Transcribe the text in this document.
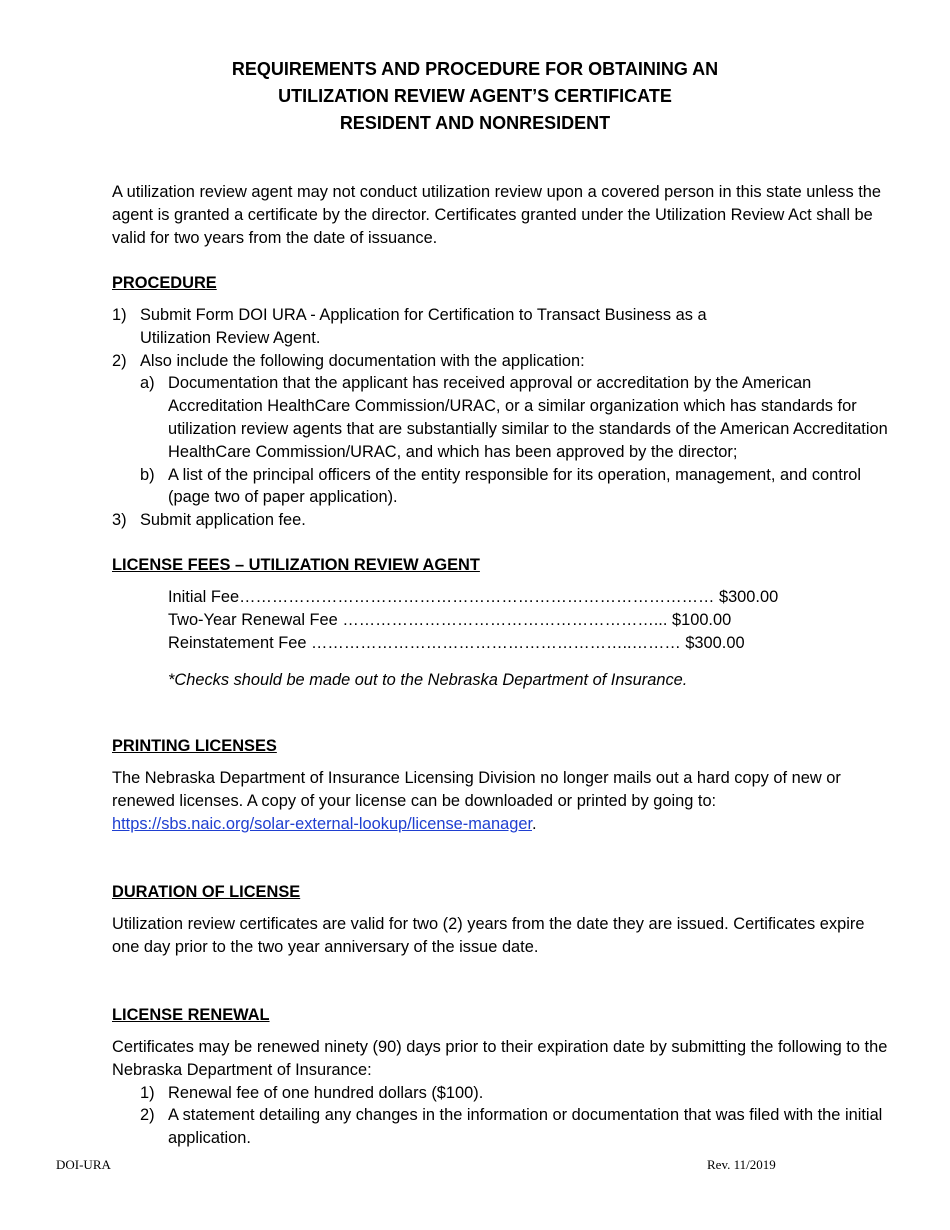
REQUIREMENTS AND PROCEDURE FOR OBTAINING AN
UTILIZATION REVIEW AGENT’S CERTIFICATE
RESIDENT AND NONRESIDENT
A utilization review agent may not conduct utilization review upon a covered person in this state unless the agent is granted a certificate by the director. Certificates granted under the Utilization Review Act shall be valid for two years from the date of issuance.
PROCEDURE
1) Submit Form DOI URA - Application for Certification to Transact Business as a
Utilization Review Agent.
2) Also include the following documentation with the application:
a) Documentation that the applicant has received approval or accreditation by the American Accreditation HealthCare Commission/URAC, or a similar organization which has standards for utilization review agents that are substantially similar to the standards of the American Accreditation HealthCare Commission/URAC, and which has been approved by the director;
b) A list of the principal officers of the entity responsible for its operation, management, and control (page two of paper application).
3) Submit application fee.
LICENSE FEES – UTILIZATION REVIEW AGENT
Initial Fee…………………………………………………………………………… $300.00
Two-Year Renewal Fee …………………………………………………... $100.00
Reinstatement Fee …………………………………………………..……… $300.00
*Checks should be made out to the Nebraska Department of Insurance.
PRINTING LICENSES
The Nebraska Department of Insurance Licensing Division no longer mails out a hard copy of new or renewed licenses. A copy of your license can be downloaded or printed by going to:
https://sbs.naic.org/solar-external-lookup/license-manager.
DURATION OF LICENSE
Utilization review certificates are valid for two (2) years from the date they are issued. Certificates expire one day prior to the two year anniversary of the issue date.
LICENSE RENEWAL
Certificates may be renewed ninety (90) days prior to their expiration date by submitting the following to the Nebraska Department of Insurance:
1) Renewal fee of one hundred dollars ($100).
2) A statement detailing any changes in the information or documentation that was filed with the initial application.
DOI-URA	Rev. 11/2019
